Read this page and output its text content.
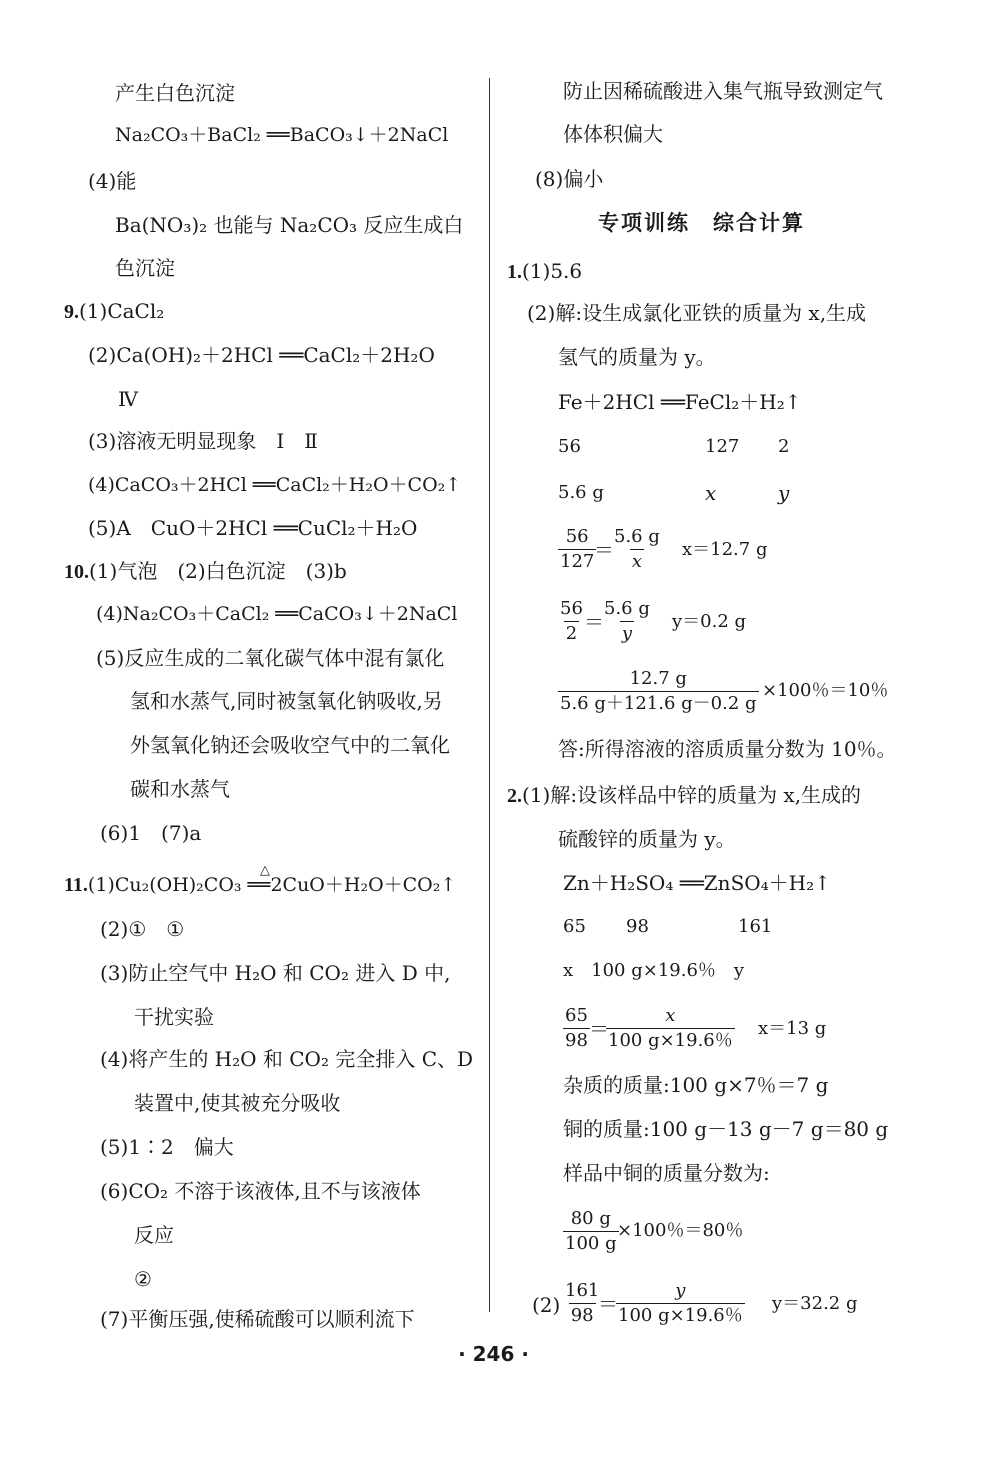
产生白色沉淀
Na₂CO₃＋BaCl₂ ══BaCO₃↓＋2NaCl
(4)能
Ba(NO₃)₂ 也能与 Na₂CO₃ 反应生成白
色沉淀
9.(1)CaCl₂
(2)Ca(OH)₂＋2HCl ══CaCl₂＋2H₂O
Ⅳ
(3)溶液无明显现象　Ⅰ　Ⅱ
(4)CaCO₃＋2HCl ══CaCl₂＋H₂O＋CO₂↑
(5)A　CuO＋2HCl ══CuCl₂＋H₂O
10.(1)气泡　(2)白色沉淀　(3)b
(4)Na₂CO₃＋CaCl₂ ══CaCO₃↓＋2NaCl
(5)反应生成的二氧化碳气体中混有氯化
氢和水蒸气,同时被氢氧化钠吸收,另
外氢氧化钠还会吸收空气中的二氧化
碳和水蒸气
(6)1　(7)a
△
11.(1)Cu₂(OH)₂CO₃ ══2CuO＋H₂O＋CO₂↑
(2)①　①
(3)防止空气中 H₂O 和 CO₂ 进入 D 中,
干扰实验
(4)将产生的 H₂O 和 CO₂ 完全排入 C、D
装置中,使其被充分吸收
(5)1∶2　偏大
(6)CO₂ 不溶于该液体,且不与该液体
反应
②
(7)平衡压强,使稀硫酸可以顺利流下
防止因稀硫酸进入集气瓶导致测定气
体体积偏大
(8)偏小
专项训练　综合计算
1.(1)5.6
(2)解:设生成氯化亚铁的质量为 x,生成
氢气的质量为 y。
Fe＋2HCl ══FeCl₂＋H₂↑
56	127 2
5.6 g	x	y
$\frac{56}{127}$
＝
$\frac{5.6 g}{x} x=12.7$ g
$\frac{56}{2}$ ＝
$\frac{5.6 g}{y} y=0.2$ g
$\frac{12.7 g}{5.6 g+121.6 g-0.2 g} \times 100$％＝10％
答:所得溶液的溶质质量分数为 10％。
2.(1)解:设该样品中锌的质量为 x,生成的
硫酸锌的质量为 y。
Zn＋H₂SO₄ ══ZnSO₄＋H₂↑
65 98	161
x　100 g×19.6％　y
$\frac{65}{98}$ ＝
$\frac{x}{100 g\times 19.6\%} x=13$ g
杂质的质量:100 g×7％＝7 g
铜的质量:100 g－13 g－7 g＝80 g
样品中铜的质量分数为:
$\frac{80 g}{100 g}$
×100％＝80％
$(2) \frac{161}{98}$
＝
$\frac{y}{100 g\times 19.6\%} y=32.2$ g
· 246 ·
